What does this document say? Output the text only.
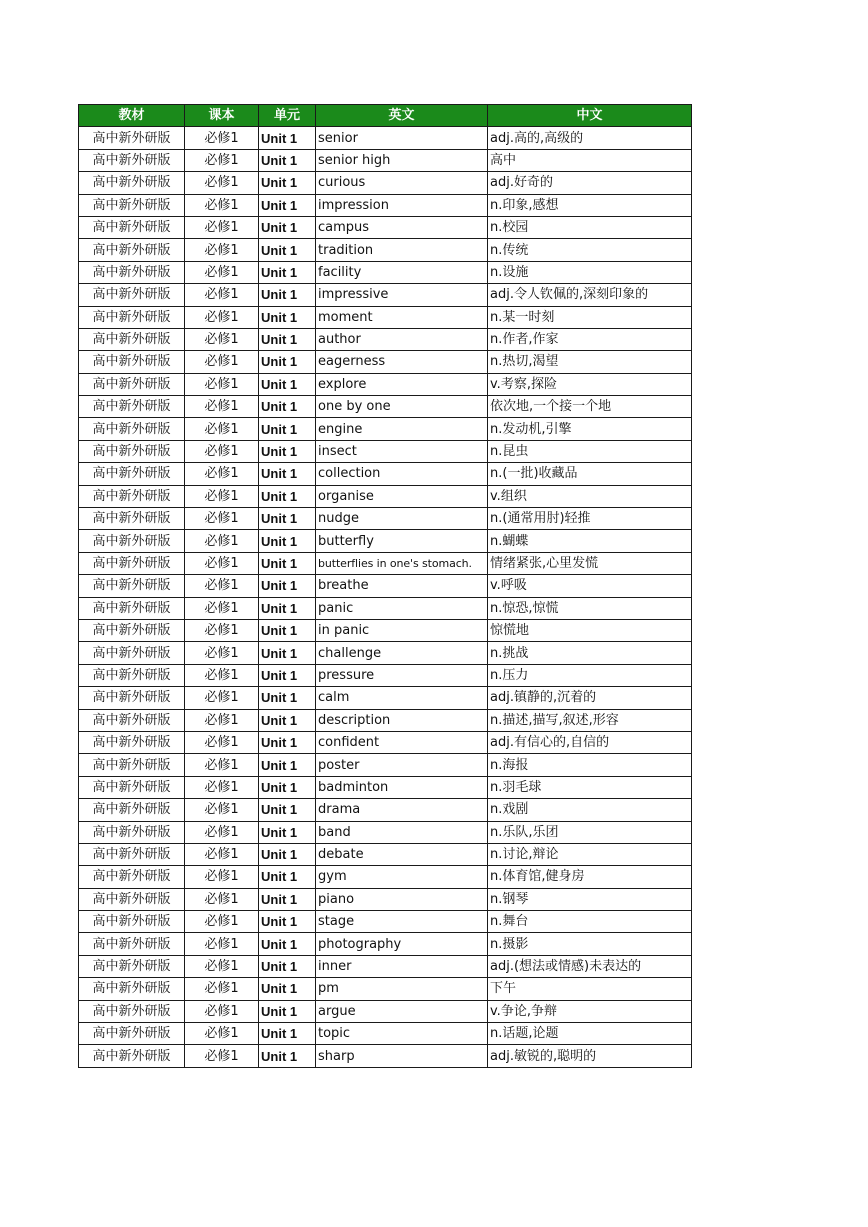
教材	课本	单元	英文	中文
高中新外研版	必修1	Unit 1	senior	adj.高的,高级的
高中新外研版	必修1	Unit 1	senior high	高中
高中新外研版	必修1	Unit 1	curious	adj.好奇的
高中新外研版	必修1	Unit 1	impression	n.印象,感想
高中新外研版	必修1	Unit 1	campus	n.校园
高中新外研版	必修1	Unit 1	tradition	n.传统
高中新外研版	必修1	Unit 1	facility	n.设施
高中新外研版	必修1	Unit 1	impressive	adj.令人钦佩的,深刻印象的
高中新外研版	必修1	Unit 1	moment	n.某一时刻
高中新外研版	必修1	Unit 1	author	n.作者,作家
高中新外研版	必修1	Unit 1	eagerness	n.热切,渴望
高中新外研版	必修1	Unit 1	explore	v.考察,探险
高中新外研版	必修1	Unit 1	one by one	依次地,一个接一个地
高中新外研版	必修1	Unit 1	engine	n.发动机,引擎
高中新外研版	必修1	Unit 1	insect	n.昆虫
高中新外研版	必修1	Unit 1	collection	n.(一批)收藏品
高中新外研版	必修1	Unit 1	organise	v.组织
高中新外研版	必修1	Unit 1	nudge	n.(通常用肘)轻推
高中新外研版	必修1	Unit 1	butterfly	n.蝴蝶
高中新外研版	必修1	Unit 1	butterflies in one's stomach.	情绪紧张,心里发慌
高中新外研版	必修1	Unit 1	breathe	v.呼吸
高中新外研版	必修1	Unit 1	panic	n.惊恐,惊慌
高中新外研版	必修1	Unit 1	in panic	惊慌地
高中新外研版	必修1	Unit 1	challenge	n.挑战
高中新外研版	必修1	Unit 1	pressure	n.压力
高中新外研版	必修1	Unit 1	calm	adj.镇静的,沉着的
高中新外研版	必修1	Unit 1	description	n.描述,描写,叙述,形容
高中新外研版	必修1	Unit 1	confident	adj.有信心的,自信的
高中新外研版	必修1	Unit 1	poster	n.海报
高中新外研版	必修1	Unit 1	badminton	n.羽毛球
高中新外研版	必修1	Unit 1	drama	n.戏剧
高中新外研版	必修1	Unit 1	band	n.乐队,乐团
高中新外研版	必修1	Unit 1	debate	n.讨论,辩论
高中新外研版	必修1	Unit 1	gym	n.体育馆,健身房
高中新外研版	必修1	Unit 1	piano	n.钢琴
高中新外研版	必修1	Unit 1	stage	n.舞台
高中新外研版	必修1	Unit 1	photography	n.摄影
高中新外研版	必修1	Unit 1	inner	adj.(想法或情感)未表达的
高中新外研版	必修1	Unit 1	pm	下午
高中新外研版	必修1	Unit 1	argue	v.争论,争辩
高中新外研版	必修1	Unit 1	topic	n.话题,论题
高中新外研版	必修1	Unit 1	sharp	adj.敏锐的,聪明的
